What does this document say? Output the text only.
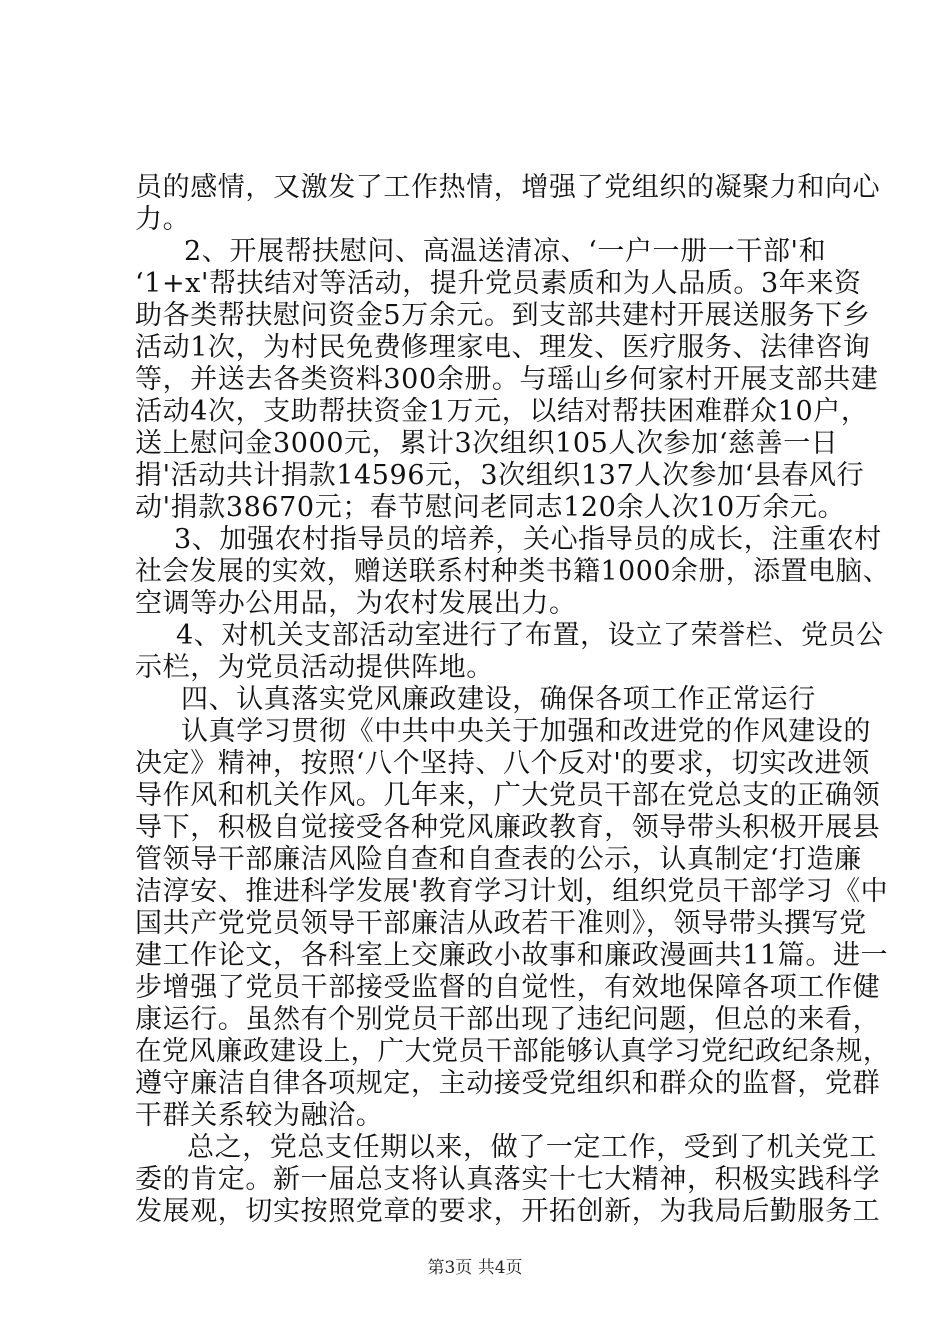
员的感情，又激发了工作热情，增强了党组织的凝聚力和向心

力。

2、开展帮扶慰问、高温送清凉、‘一户一册一干部'和

‘1+x'帮扶结对等活动，提升党员素质和为人品质。3年来资

助各类帮扶慰问资金5万余元。到支部共建村开展送服务下乡

活动1次，为村民免费修理家电、理发、医疗服务、法律咨询

等，并送去各类资料300余册。与瑶山乡何家村开展支部共建

活动4次，支助帮扶资金1万元，以结对帮扶困难群众10户，

送上慰问金3000元，累计3次组织105人次参加‘慈善一日

捐'活动共计捐款14596元，3次组织137人次参加‘县春风行

动'捐款38670元；春节慰问老同志120余人次10万余元。

3、加强农村指导员的培养，关心指导员的成长，注重农村

社会发展的实效，赠送联系村种类书籍1000余册，添置电脑、

空调等办公用品，为农村发展出力。

4、对机关支部活动室进行了布置，设立了荣誉栏、党员公

示栏，为党员活动提供阵地。

四、认真落实党风廉政建设，确保各项工作正常运行

认真学习贯彻《中共中央关于加强和改进党的作风建设的

决定》精神，按照‘八个坚持、八个反对'的要求，切实改进领

导作风和机关作风。几年来，广大党员干部在党总支的正确领

导下，积极自觉接受各种党风廉政教育，领导带头积极开展县

管领导干部廉洁风险自查和自查表的公示，认真制定‘打造廉

洁淳安、推进科学发展'教育学习计划，组织党员干部学习《中

国共产党党员领导干部廉洁从政若干准则》，领导带头撰写党

建工作论文，各科室上交廉政小故事和廉政漫画共11篇。进一

步增强了党员干部接受监督的自觉性，有效地保障各项工作健

康运行。虽然有个别党员干部出现了违纪问题，但总的来看，

在党风廉政建设上，广大党员干部能够认真学习党纪政纪条规，

遵守廉洁自律各项规定，主动接受党组织和群众的监督，党群

干群关系较为融洽。

总之，党总支任期以来，做了一定工作，受到了机关党工

委的肯定。新一届总支将认真落实十七大精神，积极实践科学

发展观，切实按照党章的要求，开拓创新，为我局后勤服务工

第3页 共4页
